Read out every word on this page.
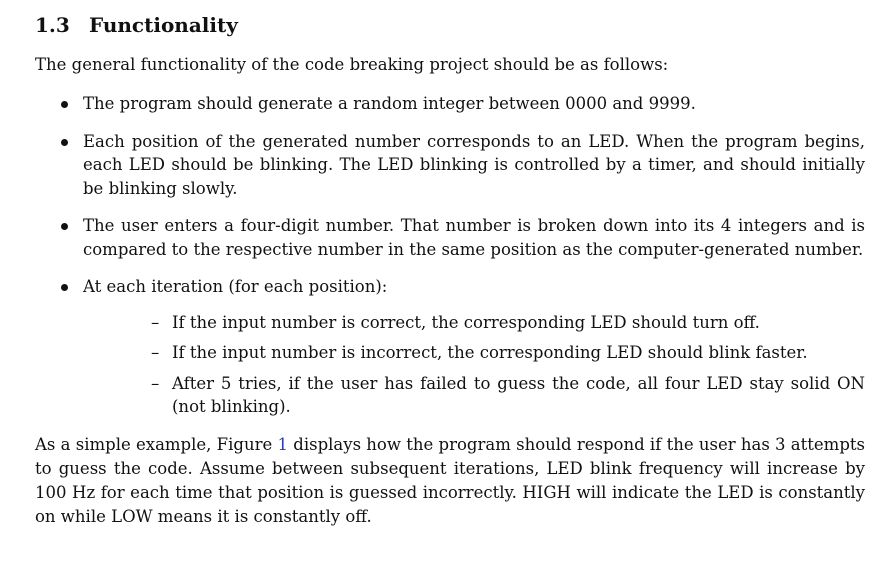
1.3 Functionality

The general functionality of the code breaking project should be as follows:

The program should generate a random integer between 0000 and 9999.
Each position of the generated number corresponds to an LED. When the program begins, each LED should be blinking. The LED blinking is controlled by a timer, and should initially be blinking slowly.
The user enters a four-digit number. That number is broken down into its 4 integers and is compared to the respective number in the same position as the computer-generated number.
At each iteration (for each position):
– If the input number is correct, the corresponding LED should turn off.
– If the input number is incorrect, the corresponding LED should blink faster.
– After 5 tries, if the user has failed to guess the code, all four LED stay solid ON (not blinking).

As a simple example, Figure 1 displays how the program should respond if the user has 3 attempts to guess the code. Assume between subsequent iterations, LED blink frequency will increase by 100 Hz for each time that position is guessed incorrectly. HIGH will indicate the LED is constantly on while LOW means it is constantly off.
